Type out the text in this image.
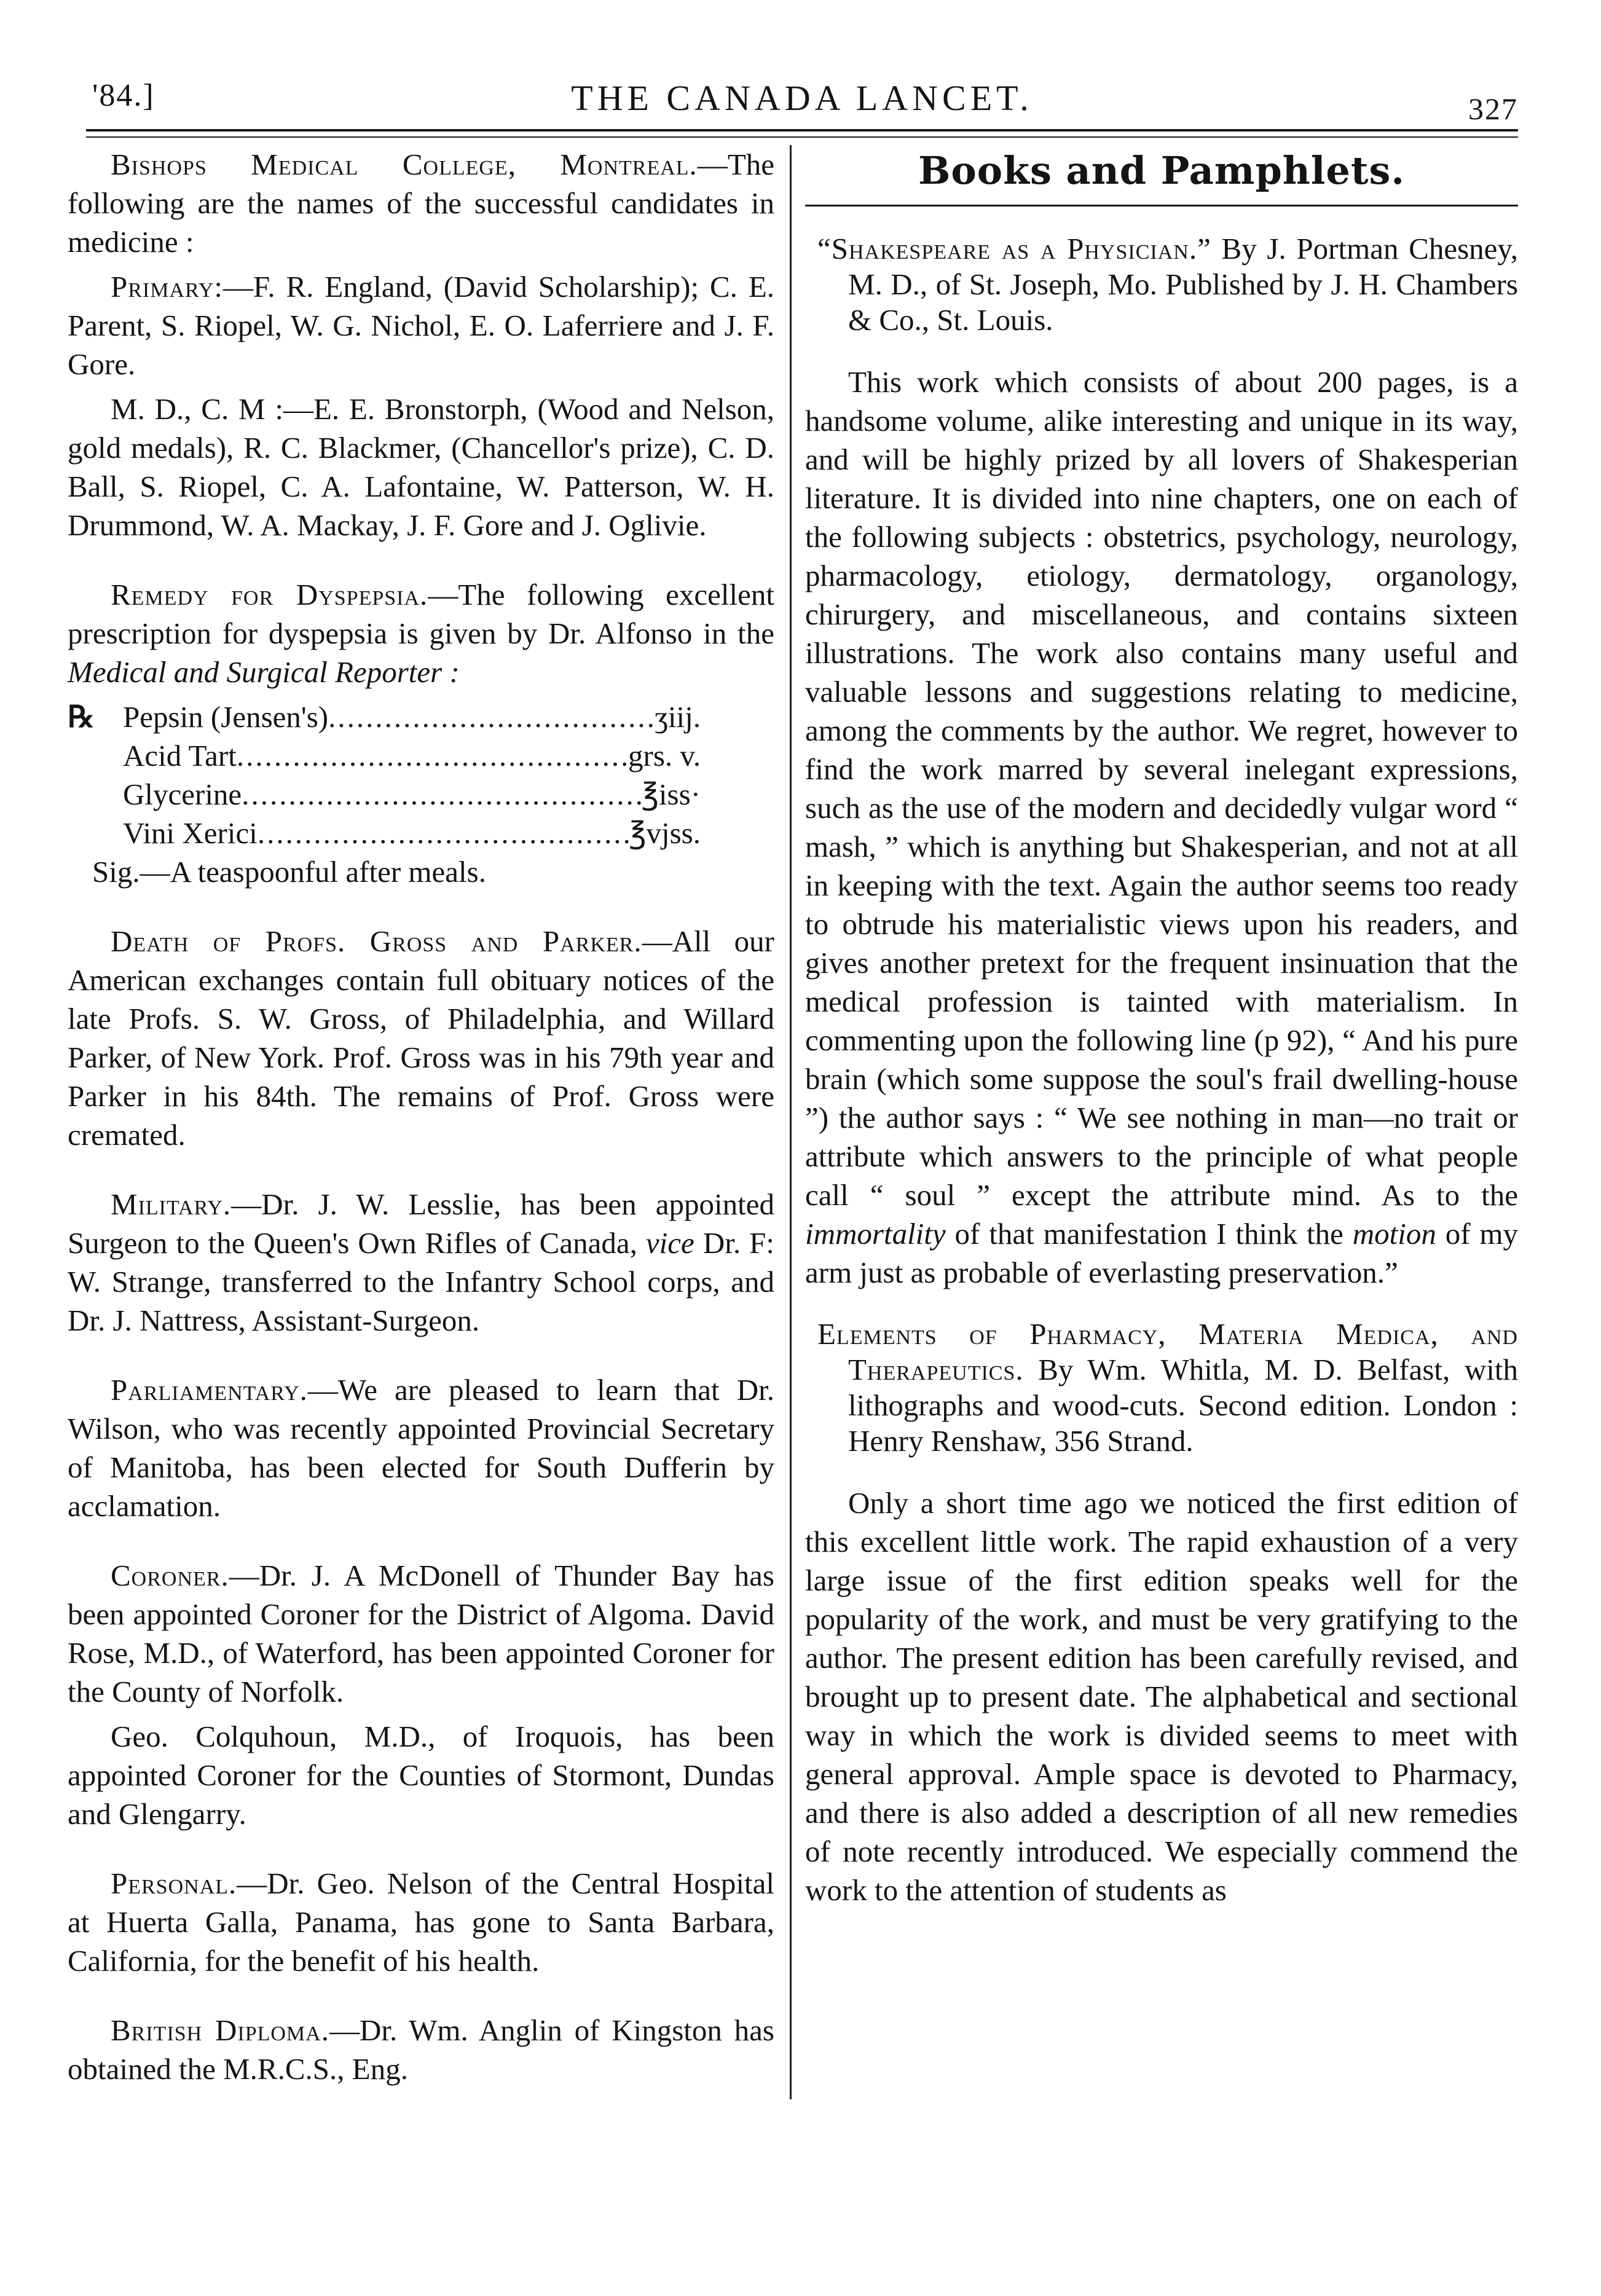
'84.]	THE CANADA LANCET.	327

Bishops Medical College, Montreal.—The following are the names of the successful candidates in medicine :

Primary:—F. R. England, (David Scholarship); C. E. Parent, S. Riopel, W. G. Nichol, E. O. Laferriere and J. F. Gore.

M. D., C. M :—E. E. Bronstorph, (Wood and Nelson, gold medals), R. C. Blackmer, (Chancellor's prize), C. D. Ball, S. Riopel, C. A. Lafontaine, W. Patterson, W. H. Drummond, W. A. Mackay, J. F. Gore and J. Oglivie.

Remedy for Dyspepsia.—The following excellent prescription for dyspepsia is given by Dr. Alfonso in the Medical and Surgical Reporter :

℞ Pepsin (Jensen's) .....	ʒiij.
Acid Tart .....	grs. v.
Glycerine .....	℥iss·
Vini Xerici .....	℥vjss.
Sig.—A teaspoonful after meals.

Death of Profs. Gross and Parker.—All our American exchanges contain full obituary notices of the late Profs. S. W. Gross, of Philadelphia, and Willard Parker, of New York. Prof. Gross was in his 79th year and Parker in his 84th. The remains of Prof. Gross were cremated.

Military.—Dr. J. W. Lesslie, has been appointed Surgeon to the Queen's Own Rifles of Canada, vice Dr. F: W. Strange, transferred to the Infantry School corps, and Dr. J. Nattress, Assistant-Surgeon.

Parliamentary.—We are pleased to learn that Dr. Wilson, who was recently appointed Provincial Secretary of Manitoba, has been elected for South Dufferin by acclamation.

Coroner.—Dr. J. A McDonell of Thunder Bay has been appointed Coroner for the District of Algoma. David Rose, M.D., of Waterford, has been appointed Coroner for the County of Norfolk.

Geo. Colquhoun, M.D., of Iroquois, has been appointed Coroner for the Counties of Stormont, Dundas and Glengarry.

Personal.—Dr. Geo. Nelson of the Central Hospital at Huerta Galla, Panama, has gone to Santa Barbara, California, for the benefit of his health.

British Diploma.—Dr. Wm. Anglin of Kingston has obtained the M.R.C.S., Eng.

Books and Pamphlets.
“Shakespeare as a Physician.” By J. Portman Chesney, M. D., of St. Joseph, Mo. Published by J. H. Chambers & Co., St. Louis.

This work which consists of about 200 pages, is a handsome volume, alike interesting and unique in its way, and will be highly prized by all lovers of Shakesperian literature. It is divided into nine chapters, one on each of the following subjects : obstetrics, psychology, neurology, pharmacology, etiology, dermatology, organology, chirurgery, and miscellaneous, and contains sixteen illustrations. The work also contains many useful and valuable lessons and suggestions relating to medicine, among the comments by the author. We regret, however to find the work marred by several inelegant expressions, such as the use of the modern and decidedly vulgar word “ mash, ” which is anything but Shakesperian, and not at all in keeping with the text. Again the author seems too ready to obtrude his materialistic views upon his readers, and gives another pretext for the frequent insinuation that the medical profession is tainted with materialism. In commenting upon the following line (p 92), “ And his pure brain (which some suppose the soul's frail dwelling-house ”) the author says : “ We see nothing in man—no trait or attribute which answers to the principle of what people call “ soul ” except the attribute mind. As to the immortality of that manifestation I think the motion of my arm just as probable of everlasting preservation.”

Elements of Pharmacy, Materia Medica, and Therapeutics. By Wm. Whitla, M. D. Belfast, with lithographs and wood-cuts. Second edition. London : Henry Renshaw, 356 Strand.

Only a short time ago we noticed the first edition of this excellent little work. The rapid exhaustion of a very large issue of the first edition speaks well for the popularity of the work, and must be very gratifying to the author. The present edition has been carefully revised, and brought up to present date. The alphabetical and sectional way in which the work is divided seems to meet with general approval. Ample space is devoted to Pharmacy, and there is also added a description of all new remedies of note recently introduced. We especially commend the work to the attention of students as
